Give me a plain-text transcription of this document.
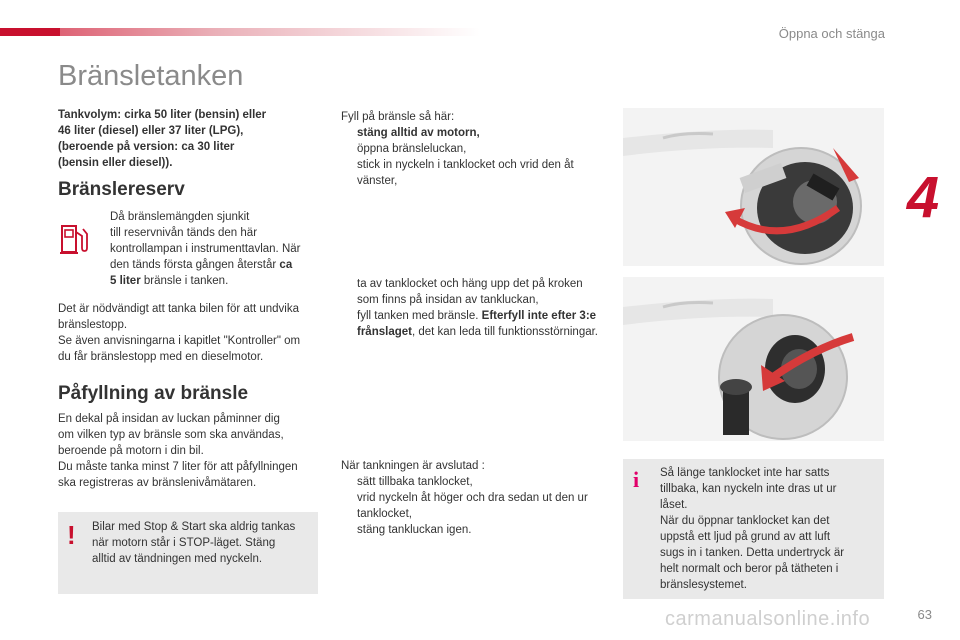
Öppna och stänga
4
Bränsletanken
Tankvolym: cirka 50 liter (bensin) eller
46 liter (diesel) eller 37 liter (LPG),
(beroende på version: ca 30 liter
(bensin eller diesel)).
Bränslereserv
Då bränslemängden sjunkit
till reservnivån tänds den här
kontrollampan i instrumenttavlan. När
den tänds första gången återstår ca
5 liter bränsle i tanken.
Det är nödvändigt att tanka bilen för att undvika
bränslestopp.
Se även anvisningarna i kapitlet "Kontroller" om
du får bränslestopp med en dieselmotor.
Påfyllning av bränsle
En dekal på insidan av luckan påminner dig
om vilken typ av bränsle som ska användas,
beroende på motorn i din bil.
Du måste tanka minst 7 liter för att påfyllningen
ska registreras av bränslenivåmätaren.
! Bilar med Stop & Start ska aldrig tankas
när motorn står i STOP-läget. Stäng
alltid av tändningen med nyckeln.
Fyll på bränsle så här:
stäng alltid av motorn,
öppna bränsleluckan,
stick in nyckeln i tanklocket och vrid den åt vänster,
ta av tanklocket och häng upp det på kroken som finns på insidan av tankluckan,
fyll tanken med bränsle. Efterfyll inte efter 3:e frånslaget, det kan leda till funktionsstörningar.
När tankningen är avslutad :
sätt tillbaka tanklocket,
vrid nyckeln åt höger och dra sedan ut den ur tanklocket,
stäng tankluckan igen.
i Så länge tanklocket inte har satts
tillbaka, kan nyckeln inte dras ut ur
låset.
När du öppnar tanklocket kan det
uppstå ett ljud på grund av att luft
sugs in i tanken. Detta undertryck är
helt normalt och beror på tätheten i
bränslesystemet.
carmanualsonline.info	63
